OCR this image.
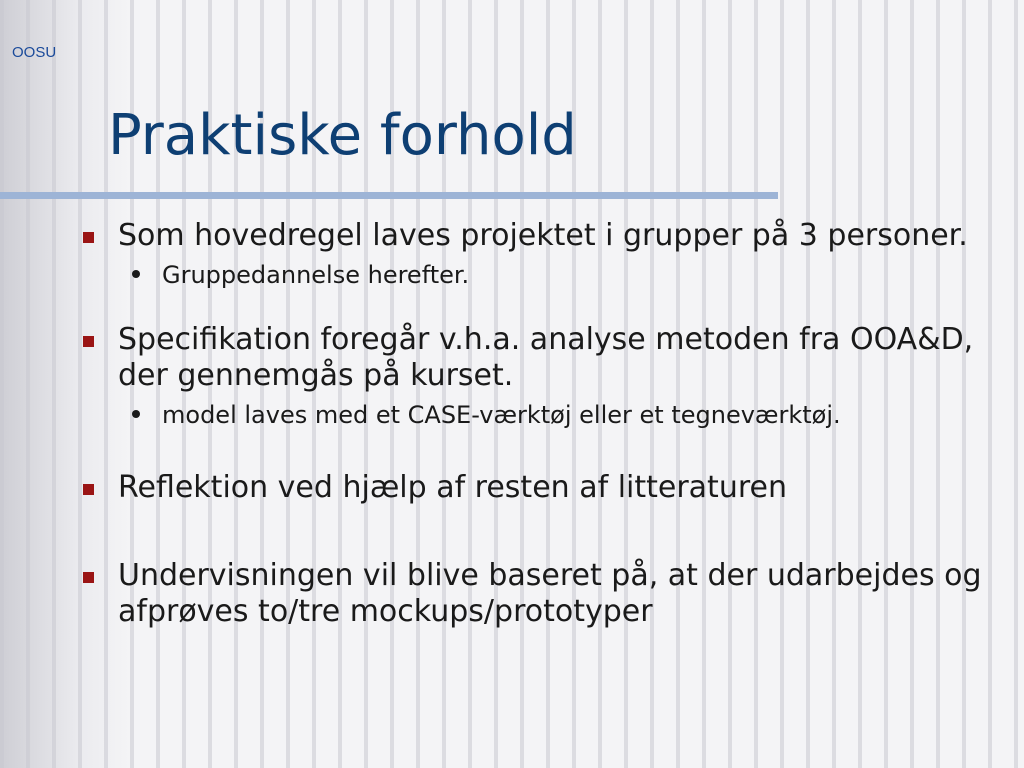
OOSU
Praktiske forhold
Som hovedregel laves projektet i grupper på 3 personer.
Gruppedannelse herefter.
Specifikation foregår v.h.a. analyse metoden fra OOA&D, der gennemgås på kurset.
model laves med et CASE-værktøj eller et tegneværktøj.
Reflektion ved hjælp af resten af litteraturen
Undervisningen vil blive baseret på, at der udarbejdes og afprøves to/tre mockups/prototyper
